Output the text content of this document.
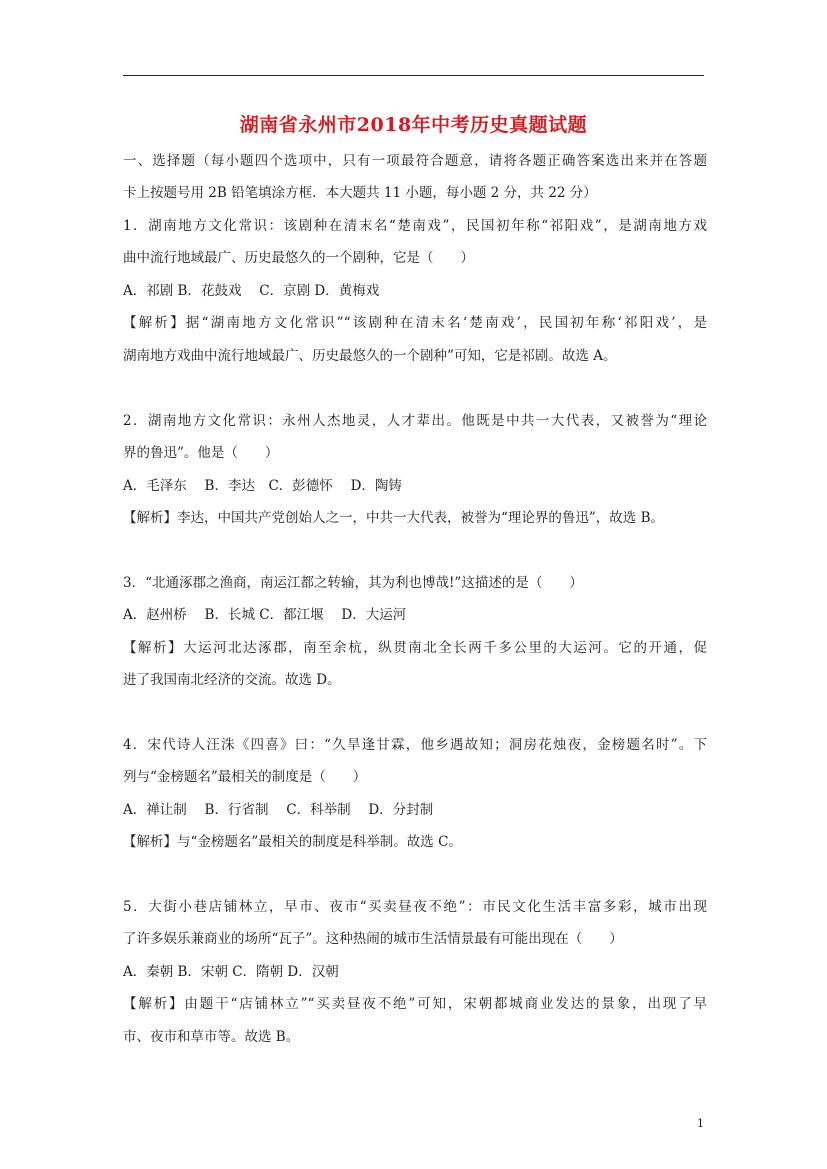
湖南省永州市2018年中考历史真题试题
一、选择题（每小题四个选项中，只有一项最符合题意，请将各题正确答案选出来并在答题
卡上按题号用 2B 铅笔填涂方框．本大题共 11 小题，每小题 2 分，共 22 分）
1．湖南地方文化常识：该剧种在清末名“楚南戏”，民国初年称“祁阳戏”，是湖南地方戏
曲中流行地域最广、历史最悠久的一个剧种，它是（　　）
A．祁剧 B．花鼓戏　 C．京剧 D．黄梅戏
【解析】据“湖南地方文化常识”“该剧种在清末名‘楚南戏’，民国初年称‘祁阳戏’，是
湖南地方戏曲中流行地域最广、历史最悠久的一个剧种”可知，它是祁剧。故选 A。
2．湖南地方文化常识：永州人杰地灵，人才辈出。他既是中共一大代表，又被誉为“理论
界的鲁迅”。他是（　　）
A．毛泽东　 B．李达　C．彭德怀　 D．陶铸
【解析】李达，中国共产党创始人之一，中共一大代表，被誉为“理论界的鲁迅”，故选 B。
3．“北通涿郡之渔商，南运江都之转输，其为利也博哉!”这描述的是（　　）
A．赵州桥　 B．长城 C．都江堰　 D．大运河
【解析】大运河北达涿郡，南至余杭，纵贯南北全长两千多公里的大运河。它的开通，促
进了我国南北经济的交流。故选 D。
4．宋代诗人汪洙《四喜》曰：“久旱逢甘霖，他乡遇故知；洞房花烛夜，金榜题名时”。下
列与“金榜题名”最相关的制度是（　　）
A．禅让制　 B．行省制　 C．科举制　 D．分封制
【解析】与“金榜题名”最相关的制度是科举制。故选 C。
5．大街小巷店铺林立，早市、夜市“买卖昼夜不绝”：市民文化生活丰富多彩，城市出现
了许多娱乐兼商业的场所“瓦子”。这种热闹的城市生活情景最有可能出现在（　　）
A．秦朝 B．宋朝 C．隋朝 D．汉朝
【解析】由题干“店铺林立”“买卖昼夜不绝”可知，宋朝都城商业发达的景象，出现了早
市、夜市和草市等。故选 B。
1
